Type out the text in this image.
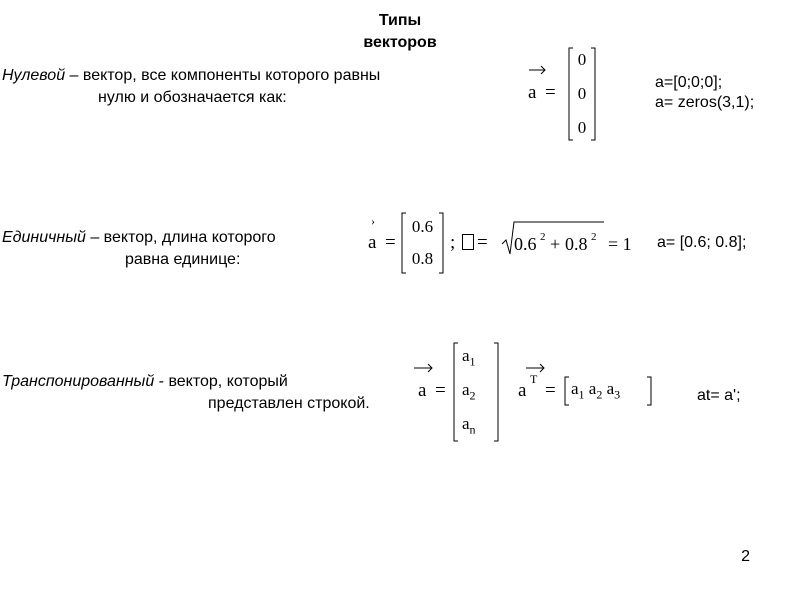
Типы
векторов
Нулевой – вектор, все компоненты которого равны
нулю и обозначается как:	a =
0
0
0
a=[0;0;0];
a= zeros(3,1);
Единичный – вектор, длина которого
равна единице:
›
a =
0.6
0.8
; = 0.6 2 + 0.8 2 = 1 a= [0.6; 0.8];
Транспонированный - вектор, который
представлен строкой.
a =
$a_1$
$a_2$
$a_n$
a
T
= $a_1$ $a_2$ $a_3$	at= a';
2
